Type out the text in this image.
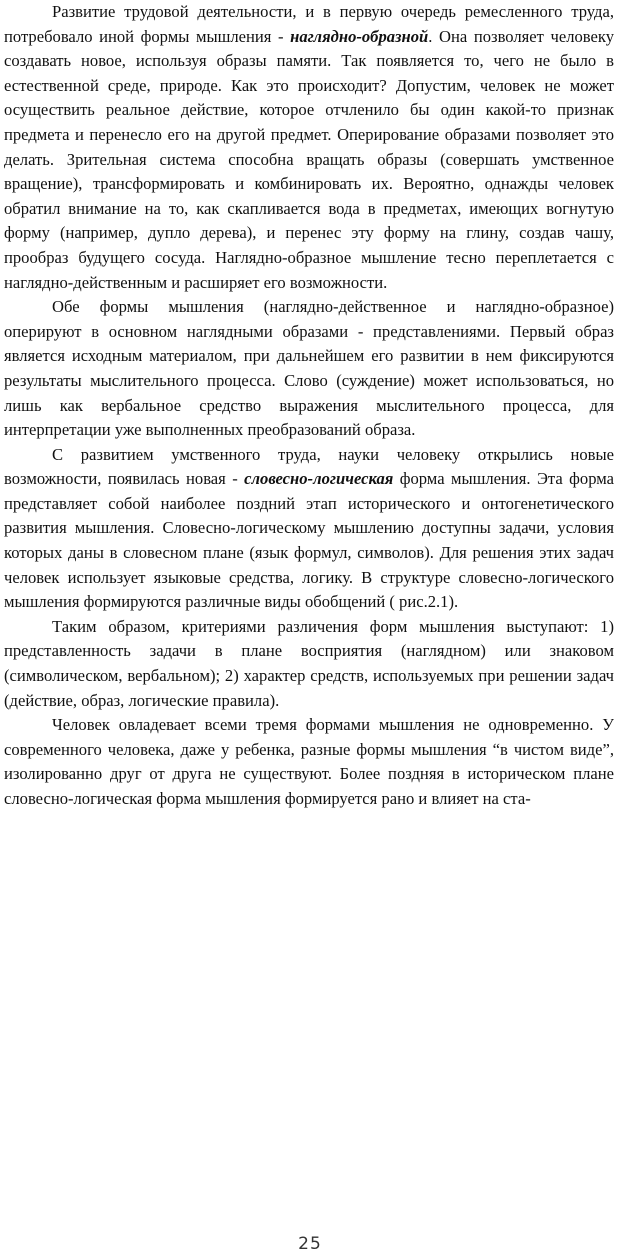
Развитие трудовой деятельности, и в первую очередь ремесленного труда, потребовало иной формы мышления - наглядно-образной. Она позволяет человеку создавать новое, используя образы памяти. Так появляется то, чего не было в естественной среде, природе. Как это происходит? Допустим, человек не может осуществить реальное действие, которое отчленило бы один какой-то признак предмета и перенесло его на другой предмет. Оперирование образами позволяет это делать. Зрительная система способна вращать образы (совершать умственное вращение), трансформировать и комбинировать их. Вероятно, однажды человек обратил внимание на то, как скапливается вода в предметах, имеющих вогнутую форму (например, дупло дерева), и перенес эту форму на глину, создав чашу, прообраз будущего сосуда. Наглядно-образное мышление тесно переплетается с наглядно-действенным и расширяет его возможности.

Обе формы мышления (наглядно-действенное и наглядно-образное) оперируют в основном наглядными образами - представлениями. Первый образ является исходным материалом, при дальнейшем его развитии в нем фиксируются результаты мыслительного процесса. Слово (суждение) может использоваться, но лишь как вербальное средство выражения мыслительного процесса, для интерпретации уже выполненных преобразований образа.

С развитием умственного труда, науки человеку открылись новые возможности, появилась новая - словесно-логическая форма мышления. Эта форма представляет собой наиболее поздний этап исторического и онтогенетического развития мышления. Словесно-логическому мышлению доступны задачи, условия которых даны в словесном плане (язык формул, символов). Для решения этих задач человек использует языковые средства, логику. В структуре словесно-логического мышления формируются различные виды обобщений ( рис.2.1).

Таким образом, критериями различения форм мышления выступают: 1) представленность задачи в плане восприятия (наглядном) или знаковом (символическом, вербальном); 2) характер средств, используемых при решении задач (действие, образ, логические правила).

Человек овладевает всеми тремя формами мышления не одновременно. У современного человека, даже у ребенка, разные формы мышления “в чистом виде”, изолированно друг от друга не существуют. Более поздняя в историческом плане словесно-логическая форма мышления формируется рано и влияет на ста-

25
